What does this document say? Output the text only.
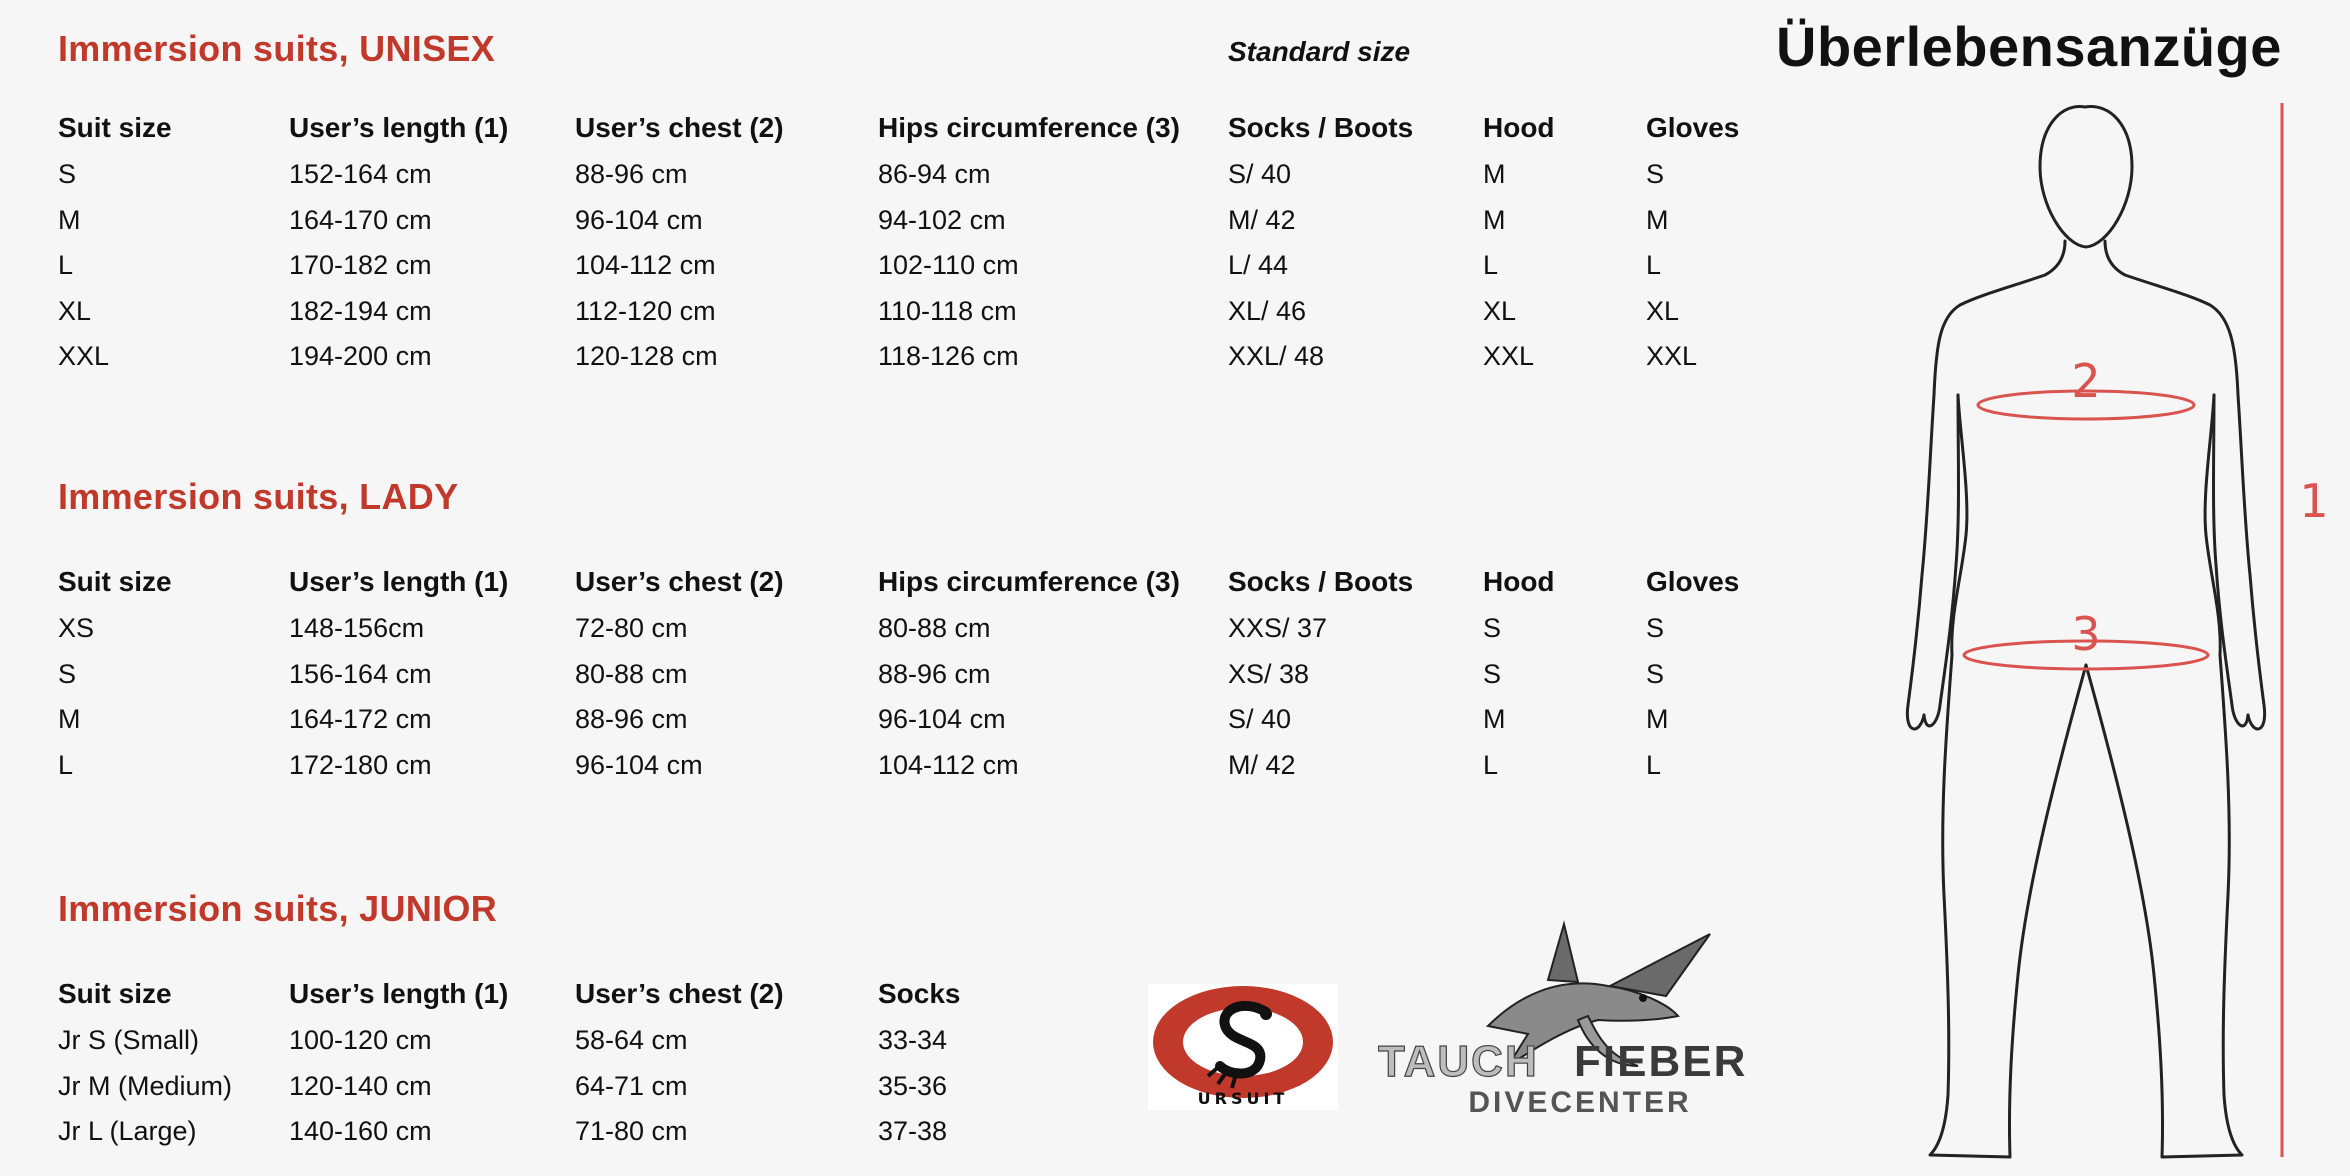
Überlebensanzüge
Standard size
Immersion suits, UNISEX
Suit size	User’s length (1)	User’s chest (2)	Hips circumference (3)	Socks / Boots	Hood	Gloves
S	152-164 cm	88-96 cm	86-94 cm	S/ 40	M	S
M	164-170 cm	96-104 cm	94-102 cm	M/ 42	M	M
L	170-182 cm	104-112 cm	102-110 cm	L/ 44	L	L
XL	182-194 cm	112-120 cm	110-118 cm	XL/ 46	XL	XL
XXL	194-200 cm	120-128 cm	118-126 cm	XXL/ 48	XXL	XXL
Immersion suits, LADY
Suit size	User’s length (1)	User’s chest (2)	Hips circumference (3)	Socks / Boots	Hood	Gloves
XS	148-156cm	72-80 cm	80-88 cm	XXS/ 37	S	S
S	156-164 cm	80-88 cm	88-96 cm	XS/ 38	S	S
M	164-172 cm	88-96 cm	96-104 cm	S/ 40	M	M
L	172-180 cm	96-104 cm	104-112 cm	M/ 42	L	L
Immersion suits, JUNIOR
Suit size	User’s length (1)	User’s chest (2)	Socks
Jr S (Small)	100-120 cm	58-64 cm	33-34
Jr M (Medium)	120-140 cm	64-71 cm	35-36
Jr L (Large)	140-160 cm	71-80 cm	37-38
URSUIT
TAUCH FIEBER
DIVECENTER
2
3
1
